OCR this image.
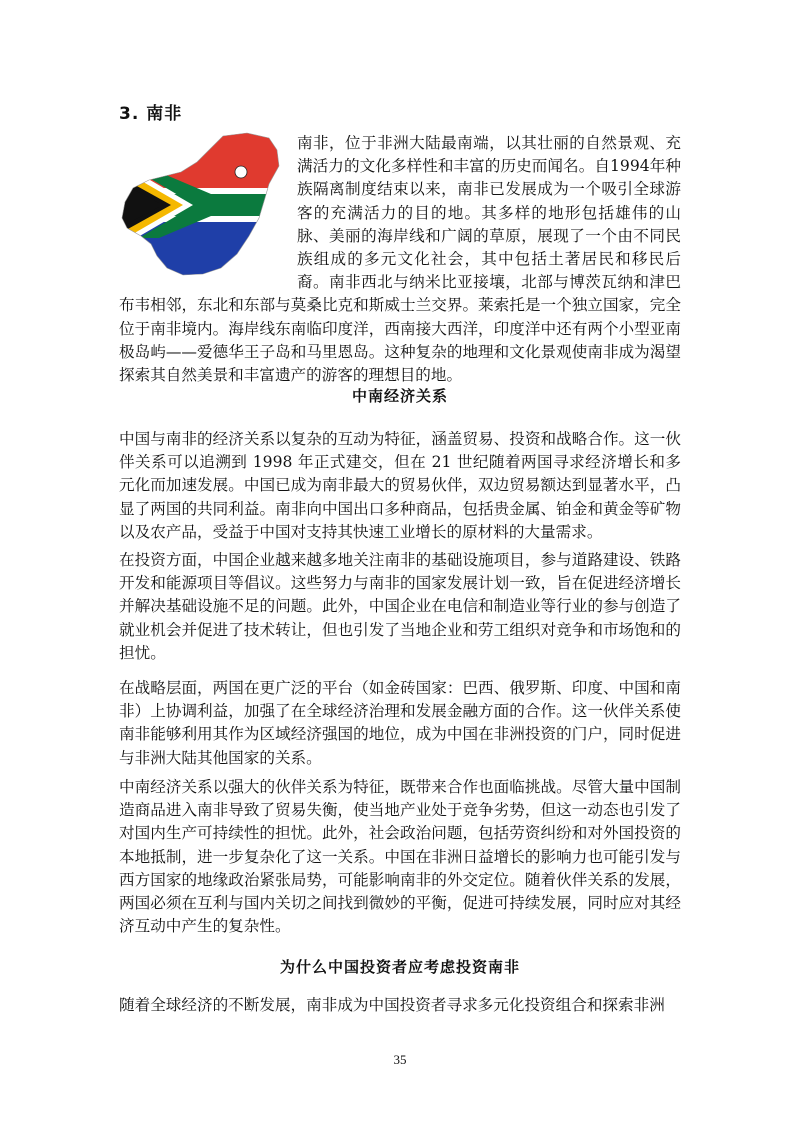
3. 南非

南非，位于非洲大陆最南端，以其壮丽的自然景观、充满活力的文化多样性和丰富的历史而闻名。自1994年种族隔离制度结束以来，南非已发展成为一个吸引全球游客的充满活力的目的地。其多样的地形包括雄伟的山脉、美丽的海岸线和广阔的草原，展现了一个由不同民族组成的多元文化社会，其中包括土著居民和移民后裔。南非西北与纳米比亚接壤，北部与博茨瓦纳和津巴布韦相邻，东北和东部与莫桑比克和斯威士兰交界。莱索托是一个独立国家，完全位于南非境内。海岸线东南临印度洋，西南接大西洋，印度洋中还有两个小型亚南极岛屿——爱德华王子岛和马里恩岛。这种复杂的地理和文化景观使南非成为渴望探索其自然美景和丰富遗产的游客的理想目的地。

中南经济关系

中国与南非的经济关系以复杂的互动为特征，涵盖贸易、投资和战略合作。这一伙伴关系可以追溯到 1998 年正式建交，但在 21 世纪随着两国寻求经济增长和多元化而加速发展。中国已成为南非最大的贸易伙伴，双边贸易额达到显著水平，凸显了两国的共同利益。南非向中国出口多种商品，包括贵金属、铂金和黄金等矿物以及农产品，受益于中国对支持其快速工业增长的原材料的大量需求。

在投资方面，中国企业越来越多地关注南非的基础设施项目，参与道路建设、铁路开发和能源项目等倡议。这些努力与南非的国家发展计划一致，旨在促进经济增长并解决基础设施不足的问题。此外，中国企业在电信和制造业等行业的参与创造了就业机会并促进了技术转让，但也引发了当地企业和劳工组织对竞争和市场饱和的担忧。

在战略层面，两国在更广泛的平台（如金砖国家：巴西、俄罗斯、印度、中国和南非）上协调利益，加强了在全球经济治理和发展金融方面的合作。这一伙伴关系使南非能够利用其作为区域经济强国的地位，成为中国在非洲投资的门户，同时促进与非洲大陆其他国家的关系。

中南经济关系以强大的伙伴关系为特征，既带来合作也面临挑战。尽管大量中国制造商品进入南非导致了贸易失衡，使当地产业处于竞争劣势，但这一动态也引发了对国内生产可持续性的担忧。此外，社会政治问题，包括劳资纠纷和对外国投资的本地抵制，进一步复杂化了这一关系。中国在非洲日益增长的影响力也可能引发与西方国家的地缘政治紧张局势，可能影响南非的外交定位。随着伙伴关系的发展，两国必须在互利与国内关切之间找到微妙的平衡，促进可持续发展，同时应对其经济互动中产生的复杂性。

为什么中国投资者应考虑投资南非

随着全球经济的不断发展，南非成为中国投资者寻求多元化投资组合和探索非洲

35
